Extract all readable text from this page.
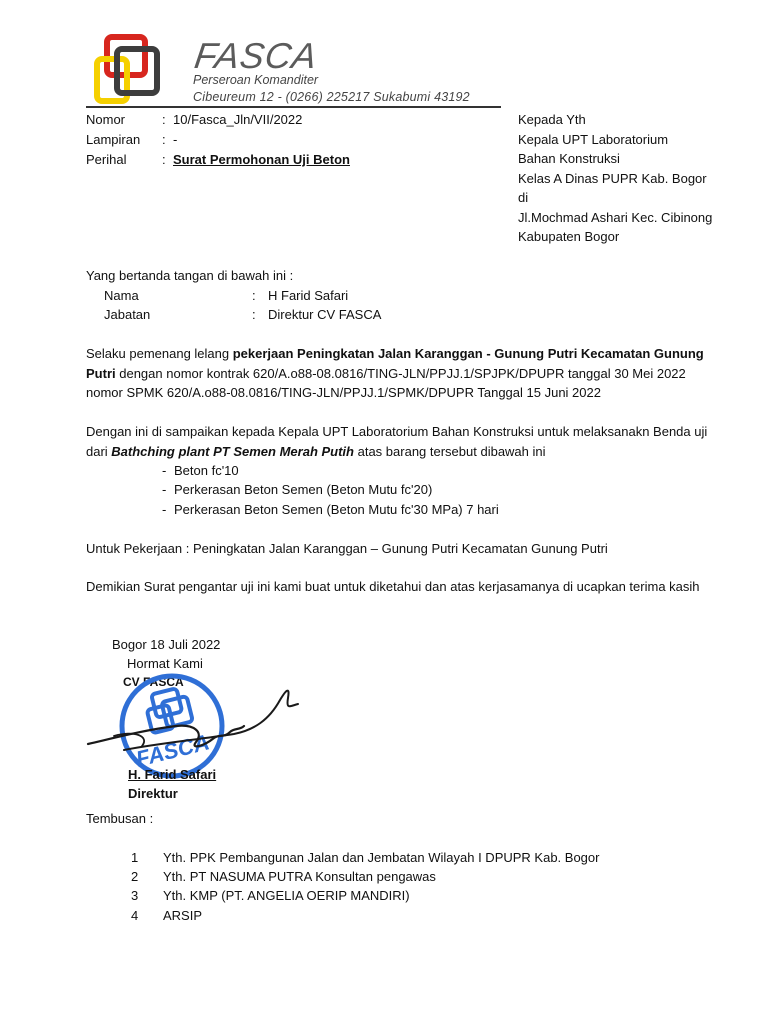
FASCA
Perseroan Komanditer
Cibeureum 12 - (0266) 225217 Sukabumi 43192
Nomor	: 10/Fasca_Jln/VII/2022
Lampiran : -
Perihal	: Surat Permohonan Uji Beton
Kepada Yth
Kepala UPT Laboratorium
Bahan Konstruksi
Kelas A Dinas PUPR Kab. Bogor
di
Jl.Mochmad Ashari Kec. Cibinong
Kabupaten Bogor
Yang bertanda tangan di bawah ini :
Nama	: H Farid Safari
Jabatan	: Direktur CV FASCA
Selaku pemenang lelang pekerjaan Peningkatan Jalan Karanggan - Gunung Putri Kecamatan Gunung Putri dengan nomor kontrak 620/A.o88-08.0816/TING-JLN/PPJJ.1/SPJPK/DPUPR tanggal 30 Mei 2022 nomor SPMK 620/A.o88-08.0816/TING-JLN/PPJJ.1/SPMK/DPUPR Tanggal 15 Juni 2022
Dengan ini di sampaikan kepada Kepala UPT Laboratorium Bahan Konstruksi untuk melaksanakn Benda uji dari Bathching plant PT Semen Merah Putih atas barang tersebut dibawah ini
- Beton fc'10
- Perkerasan Beton Semen (Beton Mutu fc'20)
- Perkerasan Beton Semen (Beton Mutu fc'30 MPa) 7 hari
Untuk Pekerjaan : Peningkatan Jalan Karanggan – Gunung Putri Kecamatan Gunung Putri
Demikian Surat pengantar uji ini kami buat untuk diketahui dan atas kerjasamanya di ucapkan terima kasih
Bogor 18 Juli 2022
Hormat Kami
CV FASCA
FASCA
H. Farid Safari
Direktur
Tembusan :
1 Yth. PPK Pembangunan Jalan dan Jembatan Wilayah I DPUPR Kab. Bogor
2 Yth. PT NASUMA PUTRA Konsultan pengawas
3 Yth. KMP (PT. ANGELIA OERIP MANDIRI)
4 ARSIP
